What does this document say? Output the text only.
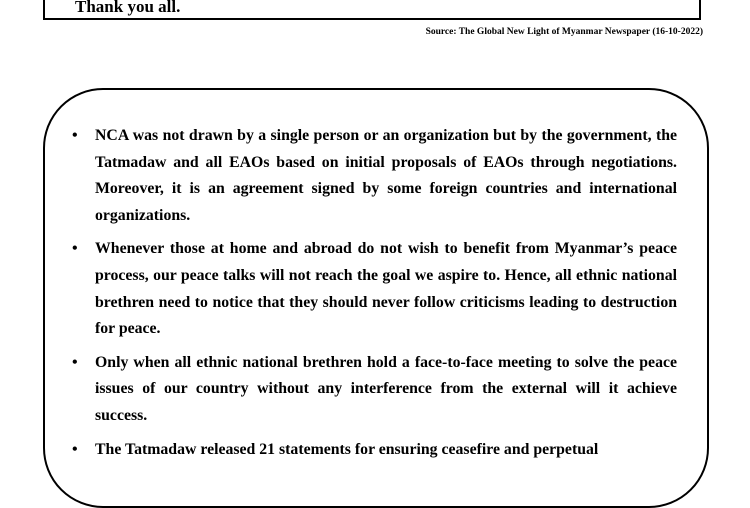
Thank you all.
Source: The Global New Light of Myanmar Newspaper (16-10-2022)
• NCA was not drawn by a single person or an organization but by the government, the Tatmadaw and all EAOs based on initial proposals of EAOs through negotiations. Moreover, it is an agreement signed by some foreign countries and international organizations.
• Whenever those at home and abroad do not wish to benefit from Myanmar’s peace process, our peace talks will not reach the goal we aspire to. Hence, all ethnic national brethren need to notice that they should never follow criticisms leading to destruction for peace.
• Only when all ethnic national brethren hold a face-to-face meeting to solve the peace issues of our country without any interference from the external will it achieve success.
• The Tatmadaw released 21 statements for ensuring ceasefire and perpetual
